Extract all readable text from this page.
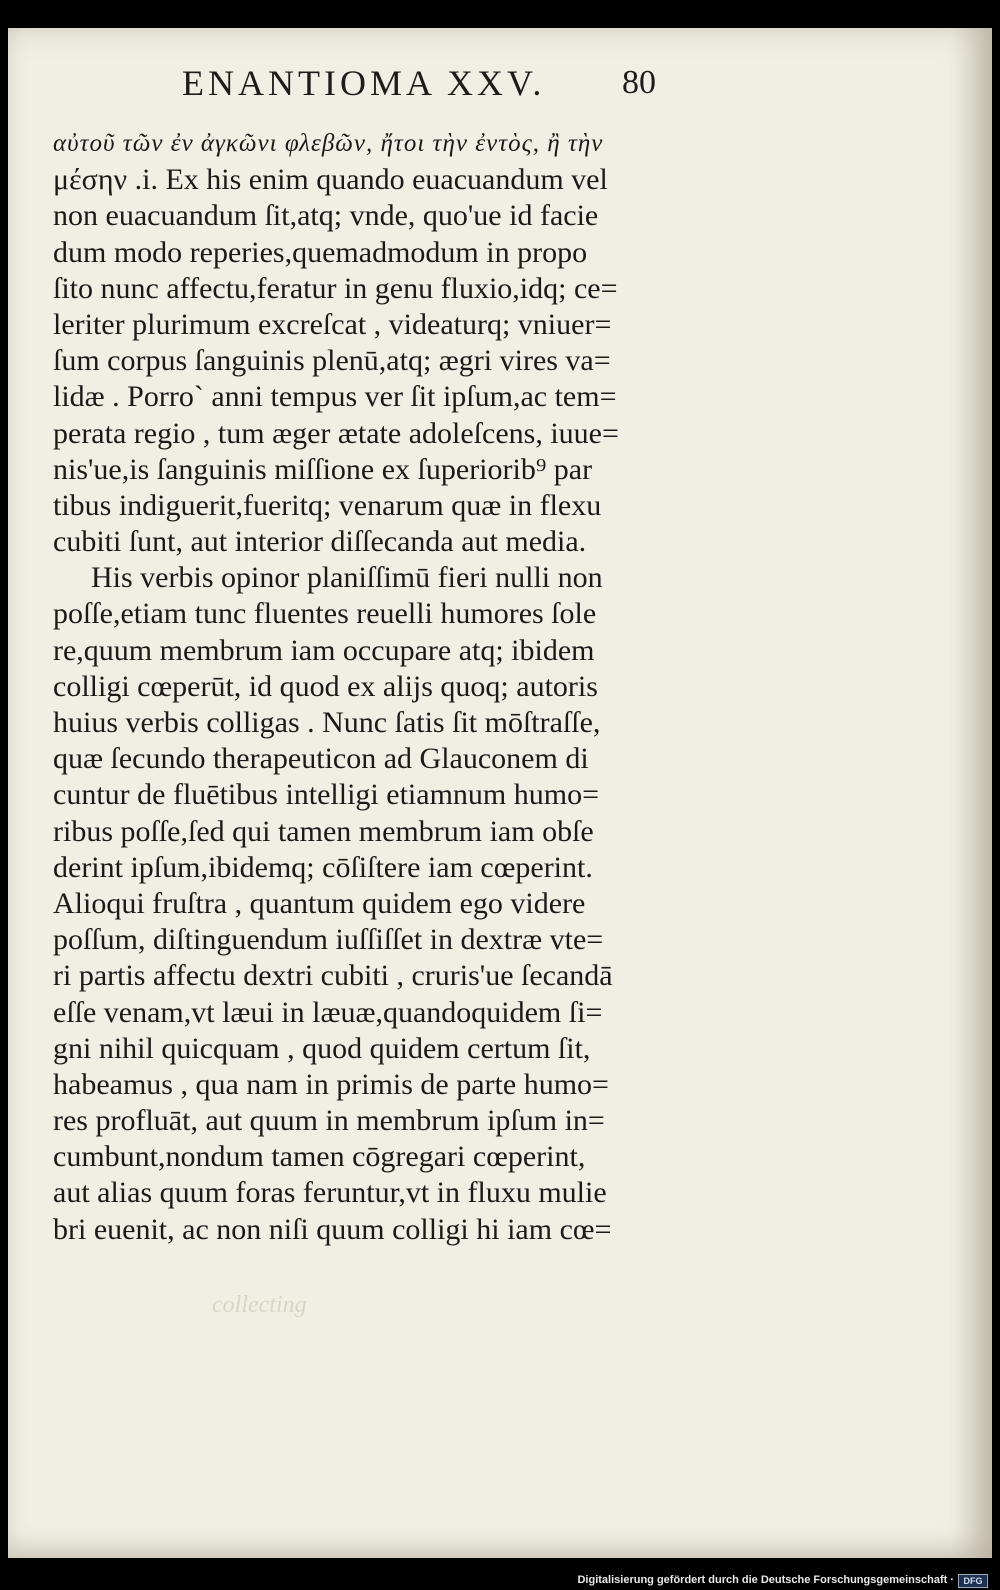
ENANTIOMA XXV.	80
αὐτοῦ τῶν ἐν ἀγκῶνι φλεβῶν, ἤτοι τὴν ἐντὸς, ἢ τὴν
μέσην .i. Ex his enim quando euacuandum vel
non euacuandum ſit,atq; vnde, quo'ue id facie
dum modo reperies,quemadmodum in propo
ſito nunc affectu,feratur in genu fluxio,idq; ce=
leriter plurimum excreſcat , videaturq; vniuer=
ſum corpus ſanguinis plenū,atq; ægri vires va=
lidæ . Porro` anni tempus ver ſit ipſum,ac tem=
perata regio , tum æger ætate adoleſcens, iuue=
nis'ue,is ſanguinis miſſione ex ſuperiorib⁹ par
tibus indiguerit,fueritq; venarum quæ in flexu
cubiti ſunt, aut interior diſſecanda aut media.
His verbis opinor planiſſimū fieri nulli non
poſſe,etiam tunc fluentes reuelli humores ſole
re,quum membrum iam occupare atq; ibidem
colligi cœperūt, id quod ex aliјs quoq; autoris
huius verbis colligas . Nunc ſatis ſit mōſtraſſe,
quæ ſecundo therapeuticon ad Glauconem di
cuntur de fluētibus intelligi etiamnum humo=
ribus poſſe,ſed qui tamen membrum iam obſe
derint ipſum,ibidemq; cōſiſtere iam cœperint.
Alioqui fruſtra , quantum quidem ego videre
poſſum, diſtinguendum iuſſiſſet in dextræ vte=
ri partis affectu dextri cubiti , cruris'ue ſecandā
eſſe venam,vt læui in læuæ,quandoquidem ſi=
gni nihil quicquam , quod quidem certum ſit,
habeamus , qua nam in primis de parte humo=
res profluāt, aut quum in membrum ipſum in=
cumbunt,nondum tamen cōgregari cœperint,
aut alias quum foras feruntur,vt in fluxu mulie
bri euenit, ac non niſi quum colligi hi iam cœ=
collecting
Digitalisierung gefördert durch die Deutsche Forschungsgemeinschaft ·	DFG
